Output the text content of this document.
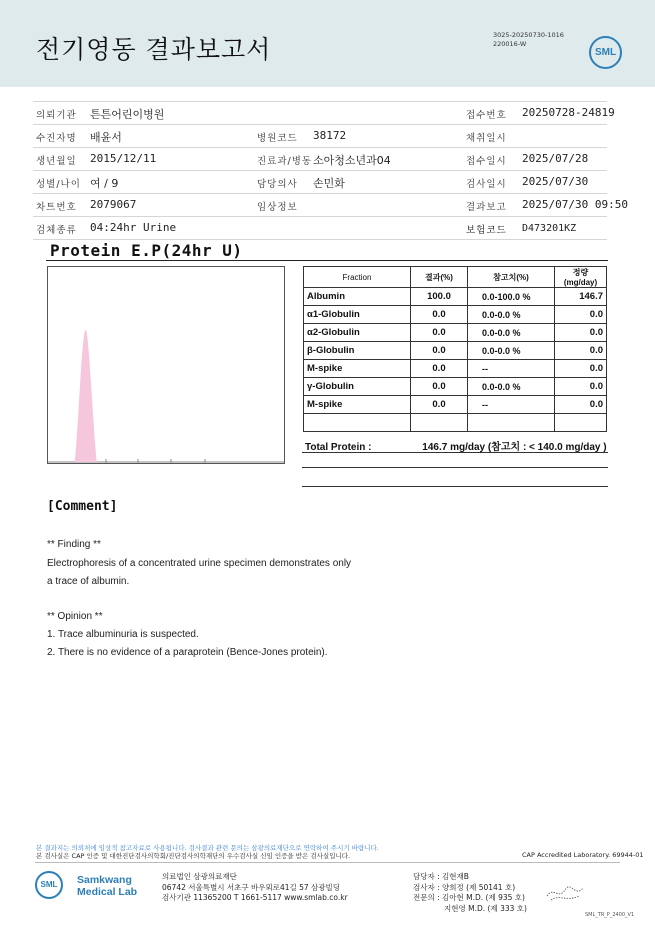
전기영동 결과보고서	3025-20250730-1016
220016-W
SML
의뢰기관 튼튼어린이병원	접수번호 20250728-24819
수진자명 배윤서	병원코드 38172	채취일시
생년월일 2015/12/11	진료과/병동 소아청소년과04	접수일시 2025/07/28
성별/나이 여 / 9	담당의사 손민화	검사일시 2025/07/30
차트번호 2079067	임상정보	결과보고 2025/07/30 09:50
검체종류 04:24hr Urine	보험코드 D473201KZ
Protein E.P(24hr U)
Fraction	결과(%)	참고치(%)	정량(mg/day)
Albumin	100.0	0.0-100.0 %	146.7
α1-Globulin	0.0	0.0-0.0 %	0.0
α2-Globulin	0.0	0.0-0.0 %	0.0
β-Globulin	0.0	0.0-0.0 %	0.0
M-spike	0.0	--	0.0
γ-Globulin	0.0	0.0-0.0 %	0.0
M-spike	0.0	--	0.0

Total Protein :	146.7 mg/day (참고치 : < 140.0 mg/day )
[Comment]
** Finding **
Electrophoresis of a concentrated urine specimen demonstrates only
a trace of albumin.
** Opinion **
1. Trace albuminuria is suspected.
2. There is no evidence of a paraprotein (Bence-Jones protein).
본 결과지는 의뢰처에 임상적 참고자료로 사용됩니다. 검사결과 관련 문의는 삼광의료재단으로 연락하여 주시기 바랍니다.
본 검사실은 CAP 인증 및 대한진단검사의학회/진단검사의학재단의 우수검사실 신임 인증을 받은 검사실입니다.	CAP Accredited Laboratory. 69944-01
SML	Samkwang
Medical Lab
의료법인 삼광의료재단
06742 서울특별시 서초구 바우뫼로41길 57 삼광빌딩
검사기관 11365200 T 1661-5117 www.smlab.co.kr
담당자 : 김현재B
검사자 : 양희정 (제 50141 호)
전문의 : 김아현 M.D. (제 935 호)
지현영 M.D. (제 333 호)
SML_TR_P_2400_V1
